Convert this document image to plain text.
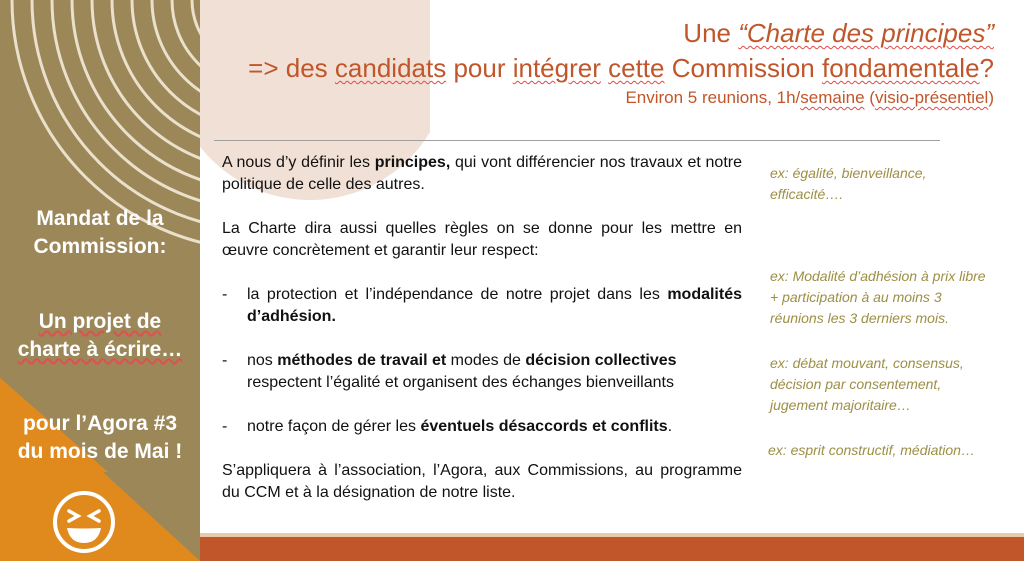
Mandat de la
Commission:
Un projet de
charte à écrire…
pour l’Agora #3
du mois de Mai !
Une “Charte des principes”
=> des candidats pour intégrer cette Commission fondamentale?
Environ 5 reunions, 1h/semaine (visio-présentiel)

A nous d’y définir les principes, qui vont différencier nos travaux et notre politique de celle des autres.

La Charte dira aussi quelles règles on se donne pour les mettre en œuvre concrètement et garantir leur respect:

-	la protection et l’indépendance de notre projet dans les modalités d’adhésion.
-	nos méthodes de travail et modes de décision collectives respectent l’égalité et organisent des échanges bienveillants
-	notre façon de gérer les éventuels désaccords et conflits.

S’appliquera à l’association, l’Agora, aux Commissions, au programme du CCM et à la désignation de notre liste.

ex: égalité, bienveillance,
efficacité….
ex: Modalité d’adhésion à prix libre
+ participation à au moins 3
réunions les 3 derniers mois.
ex: débat mouvant, consensus,
décision par consentement,
jugement majoritaire…
ex: esprit constructif, médiation…
